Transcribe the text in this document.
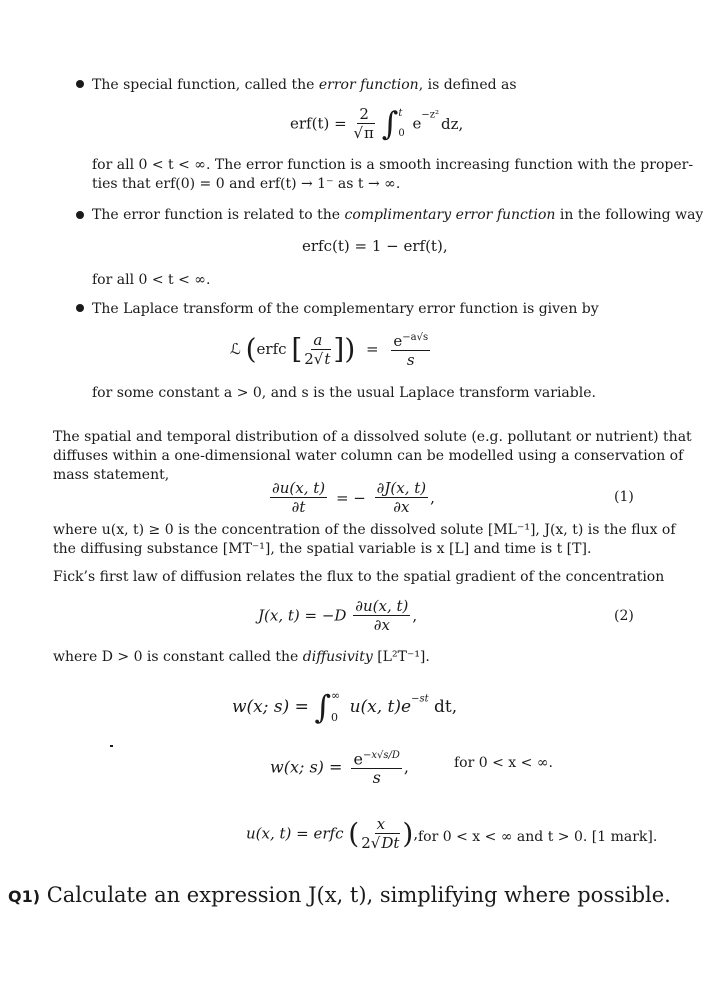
The special function, called the error function, is defined as
$erf(t) = \frac{2}{√\pi}$ ∫ t
0
$e^{-z^2}$ dz,
for all 0 < t < ∞. The error function is a smooth increasing function with the proper-
ties that erf(0) = 0 and erf(t) → 1⁻ as t → ∞.
The error function is related to the complimentary error function in the following way
erfc(t) = 1 − erf(t),
for all 0 < t < ∞.
The Laplace transform of the complementary error function is given by
ℒ (erfc [ $\frac{a}{2√t}$ ]) = $\frac{e^{-a√s}}{s}$
for some constant a > 0, and s is the usual Laplace transform variable.
The spatial and temporal distribution of a dissolved solute (e.g. pollutant or nutrient) that
diffuses within a one-dimensional water column can be modelled using a conservation of
mass statement,
$\frac{\partial u(x, t)}{\partial t}$ = − $\frac{\partial J(x, t)}{\partial x}$ ,	(1)
where u(x, t) ≥ 0 is the concentration of the dissolved solute [ML⁻¹], J(x, t) is the flux of
the diffusing substance [MT⁻¹], the spatial variable is x [L] and time is t [T].
Fick’s first law of diffusion relates the flux to the spatial gradient of the concentration
J(x, $t) = -D \frac{\partial u(x, t)}{\partial x}$ ,	(2)
where D > 0 is constant called the diffusivity [L²T⁻¹].
w(x; s) = ∫ ∞
0
u(x, $t)e^{-st}$ dt,
w(x; $s) = \frac{e^{-x√s/D}}{s}$ ,	for 0 < x < ∞.
u(x, t) = erfc ( $\frac{x}{2√Dt}$ ), for 0 < x < ∞ and t > 0. [1 mark].
Q1) Calculate an expression J(x, t), simplifying where possible.
